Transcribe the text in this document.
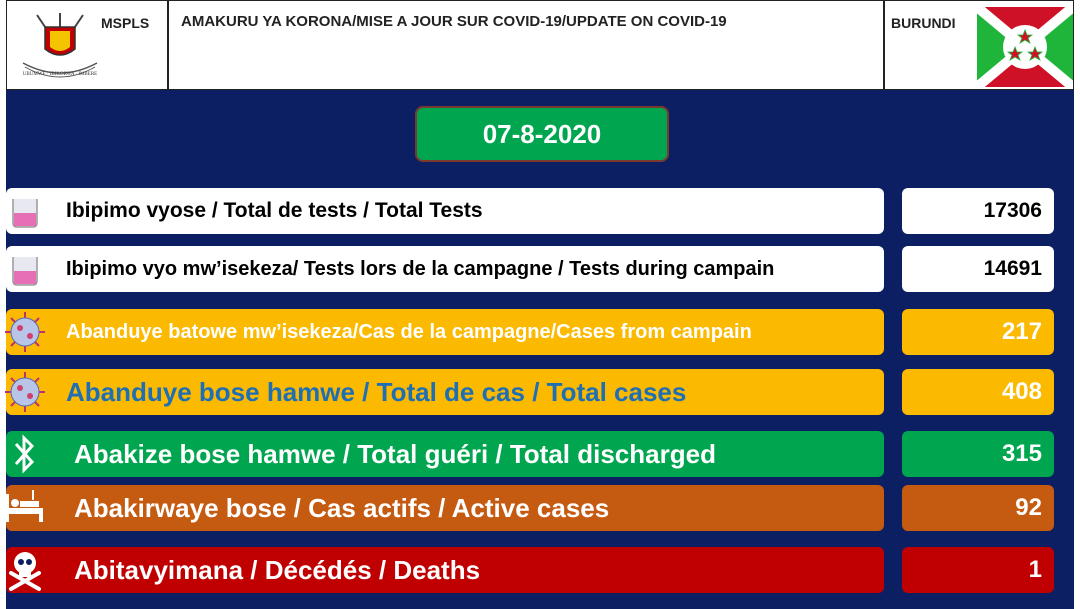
UBUMWE · IBIKORWA · IMBERE
MSPLS AMAKURU YA KORONA/MISE A JOUR SUR COVID-19/UPDATE ON COVID-19	BURUNDI
07-8-2020
Ibipimo vyose / Total de tests / Total Tests	17306
Ibipimo vyo mw’isekeza/ Tests lors de la campagne / Tests during campain	14691
Abanduye batowe mw’isekeza/Cas de la campagne/Cases from campain	217
Abanduye bose hamwe / Total de cas / Total cases	408
Abakize bose hamwe / Total guéri / Total discharged	315
Abakirwaye bose / Cas actifs / Active cases	92
Abitavyimana / Décédés / Deaths	1
